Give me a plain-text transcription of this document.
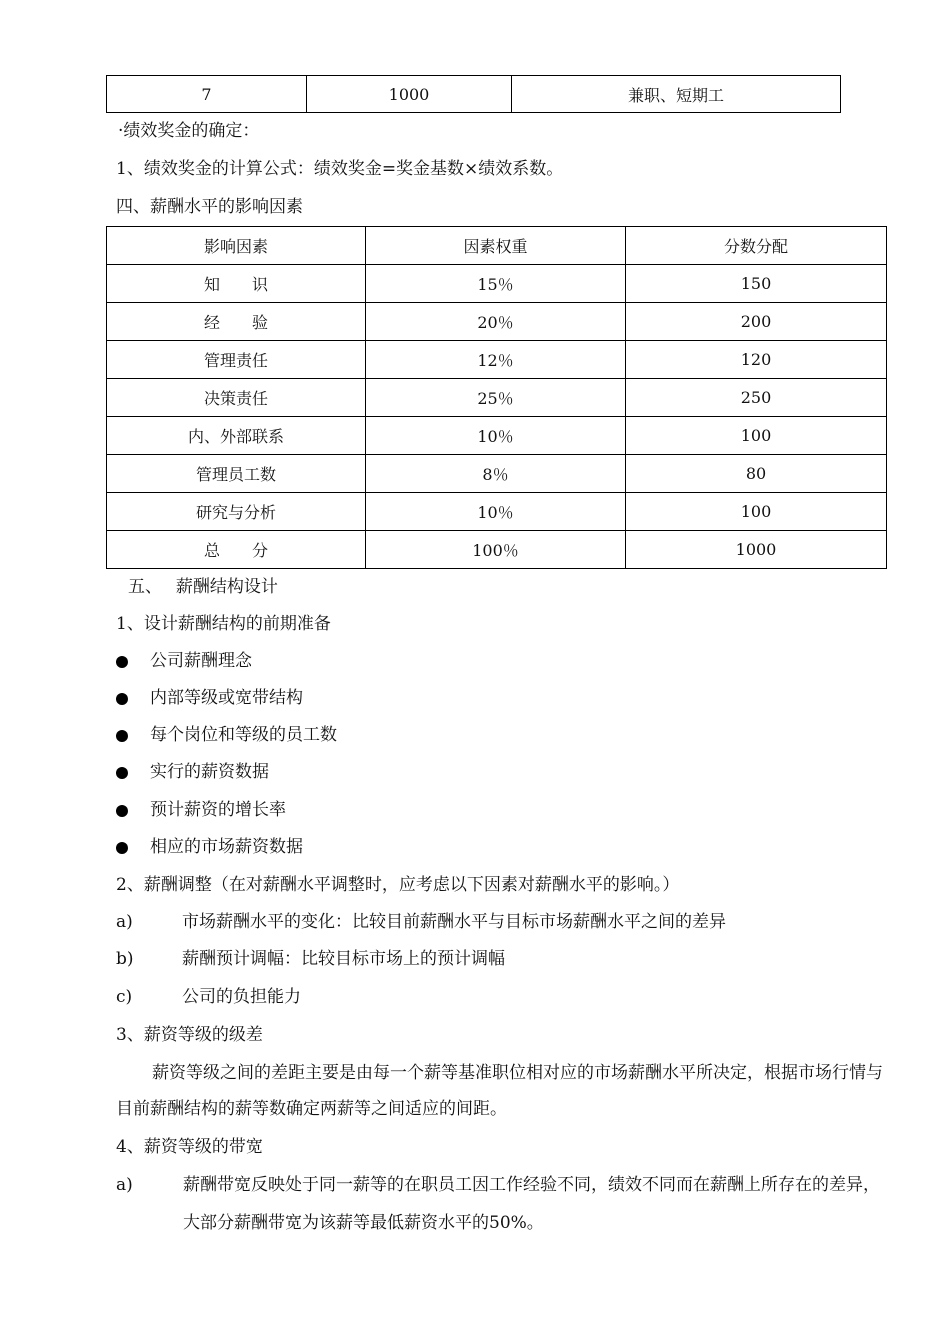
7	1000	兼职、短期工
·绩效奖金的确定：
1、绩效奖金的计算公式：绩效奖金=奖金基数×绩效系数。
四、薪酬水平的影响因素
影响因素	因素权重	分数分配
知　　识	15％	150
经　　验	20％	200
管理责任	12％	120
决策责任	25％	250
内、外部联系	10％	100
管理员工数	8％	80
研究与分析	10％	100
总　　分	100％	1000
五、　 薪酬结构设计
1、设计薪酬结构的前期准备
公司薪酬理念
内部等级或宽带结构
每个岗位和等级的员工数
实行的薪资数据
预计薪资的增长率
相应的市场薪资数据
2、薪酬调整（在对薪酬水平调整时，应考虑以下因素对薪酬水平的影响。）
a)	市场薪酬水平的变化：比较目前薪酬水平与目标市场薪酬水平之间的差异
b)	薪酬预计调幅：比较目标市场上的预计调幅
c)	公司的负担能力
3、薪资等级的级差
薪资等级之间的差距主要是由每一个薪等基准职位相对应的市场薪酬水平所决定，根据市场行情与目前薪酬结构的薪等数确定两薪等之间适应的间距。
4、薪资等级的带宽
a)	薪酬带宽反映处于同一薪等的在职员工因工作经验不同，绩效不同而在薪酬上所存在的差异，大部分薪酬带宽为该薪等最低薪资水平的50%。
